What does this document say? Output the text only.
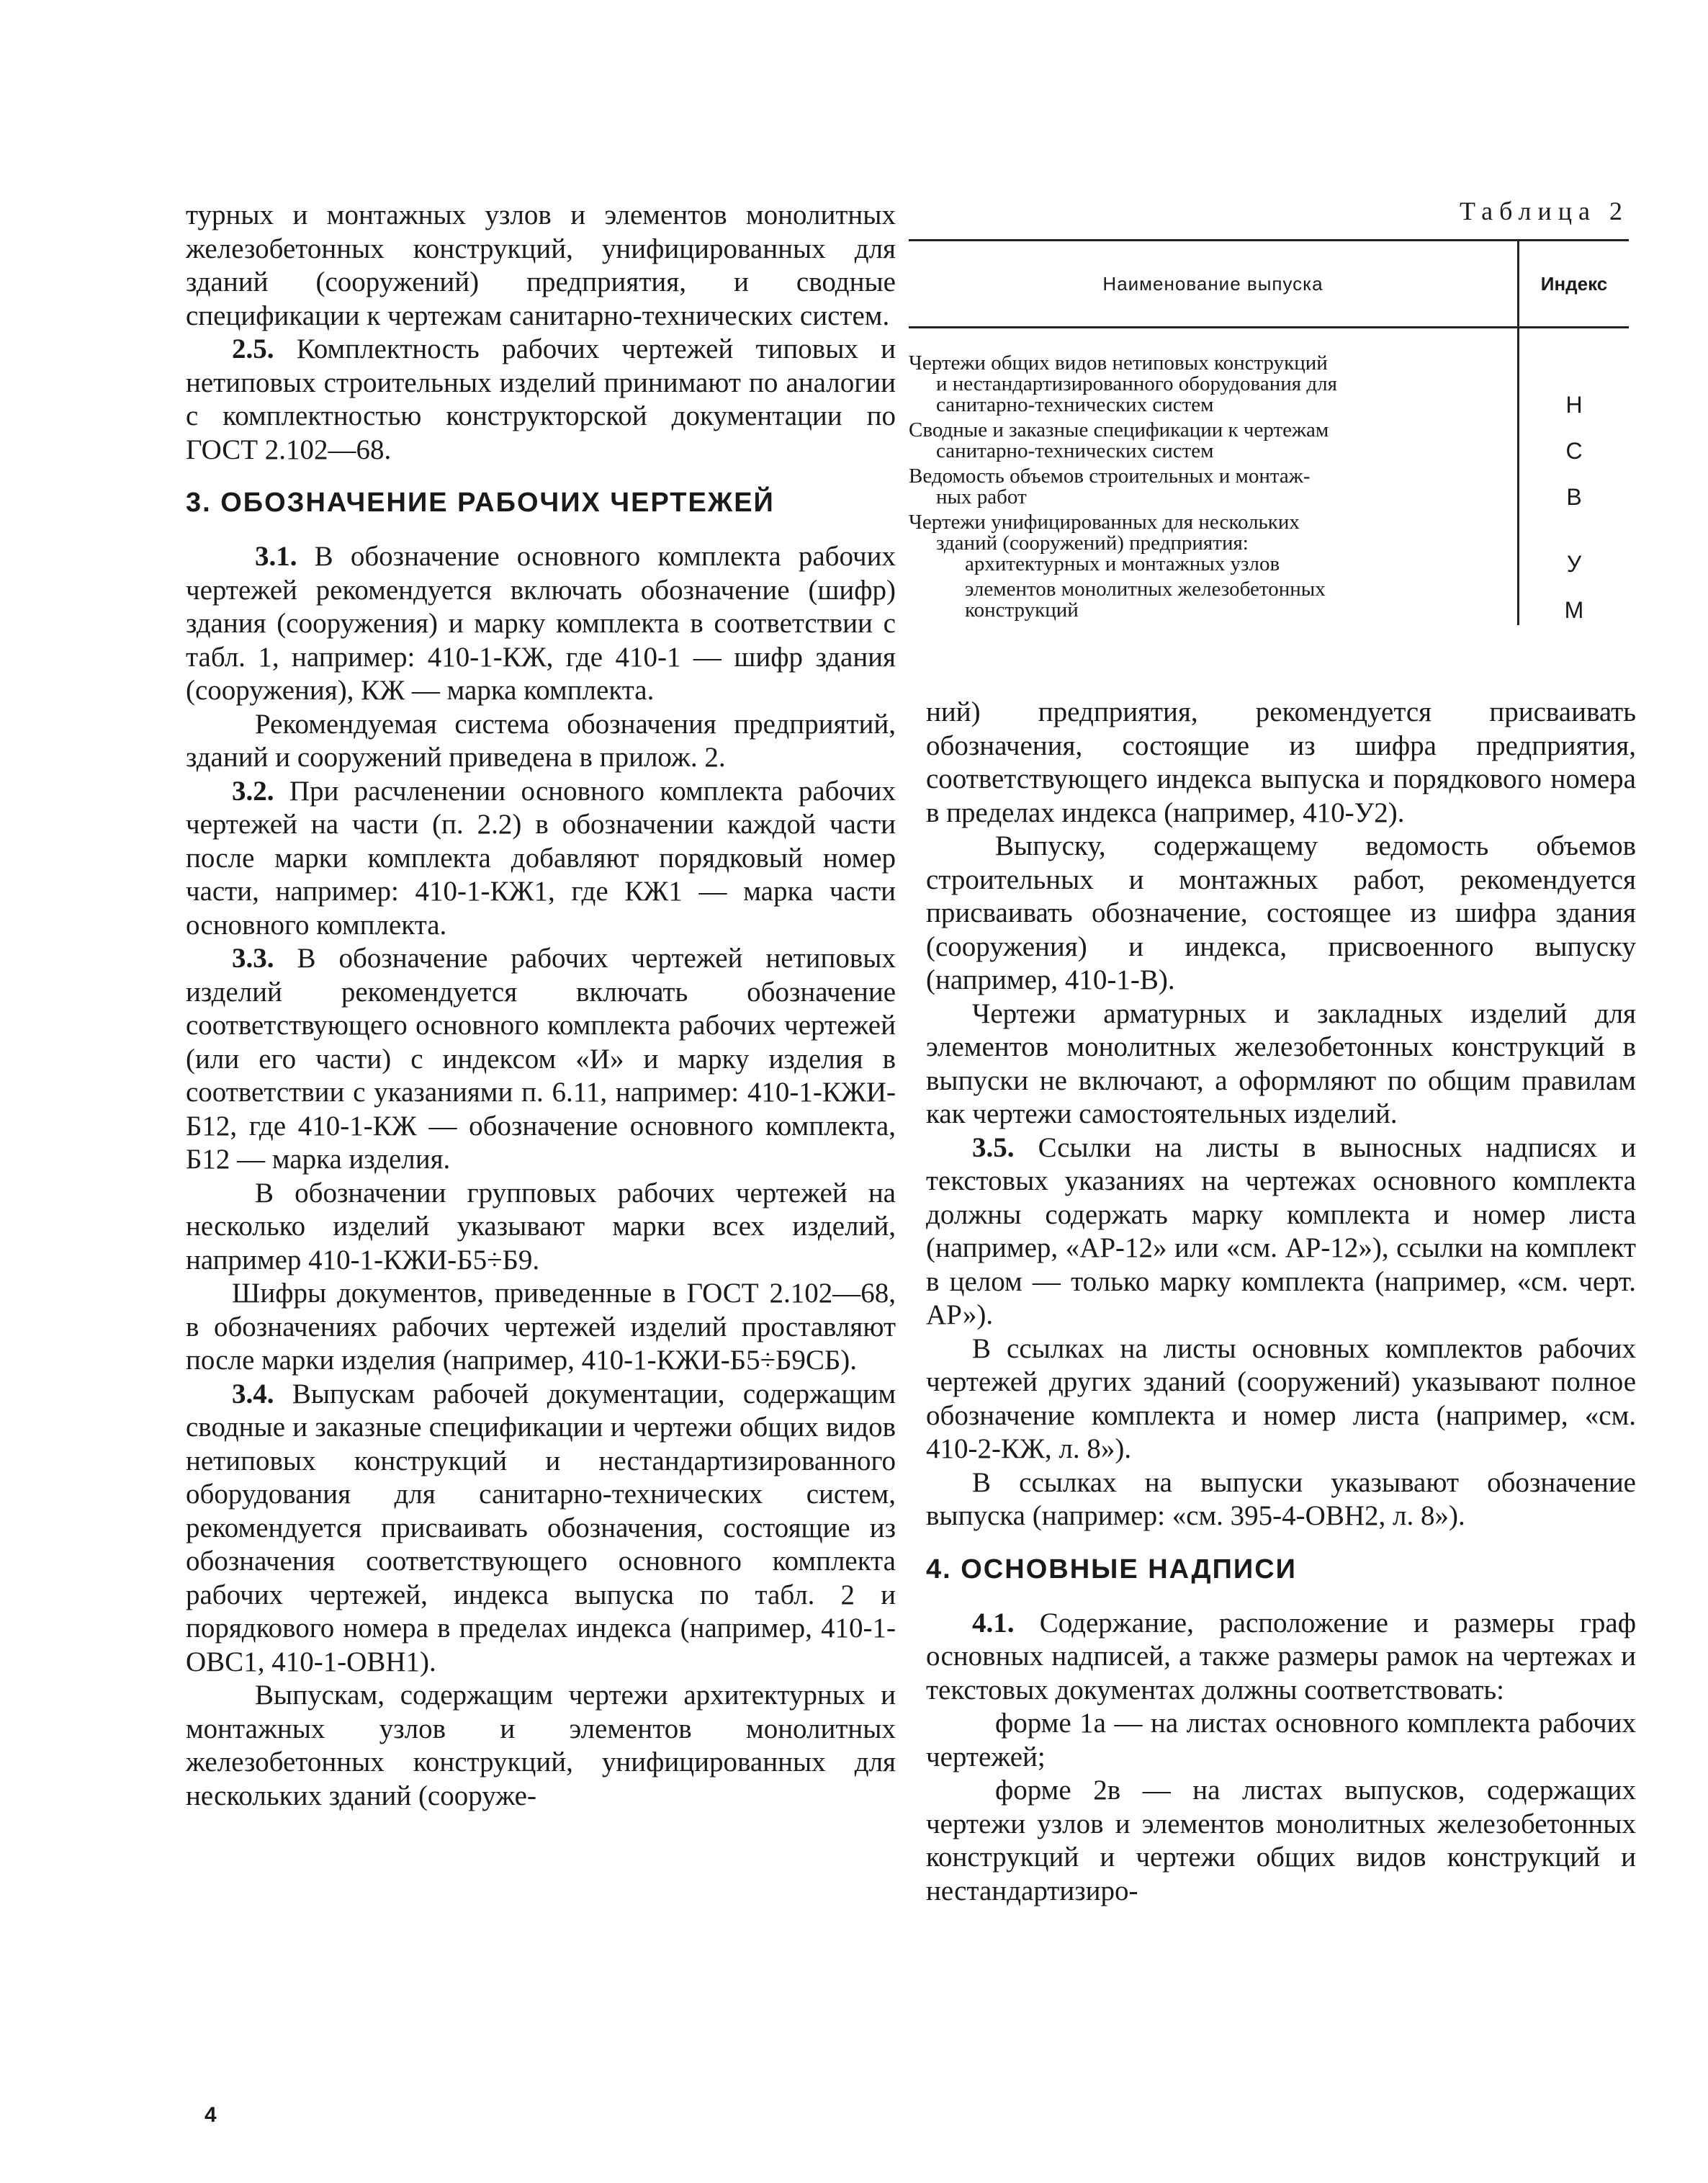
турных и монтажных узлов и элементов монолитных железобетонных конструкций, унифицированных для зданий (сооружений) предприятия, и сводные спецификации к чертежам санитарно-технических систем.

2.5. Комплектность рабочих чертежей типовых и нетиповых строительных изделий принимают по аналогии с комплектностью конструкторской документации по ГОСТ 2.102—68.

3. ОБОЗНАЧЕНИЕ РАБОЧИХ ЧЕРТЕЖЕЙ

3.1. В обозначение основного комплекта рабочих чертежей рекомендуется включать обозначение (шифр) здания (сооружения) и марку комплекта в соответствии с табл. 1, например: 410-1-КЖ, где 410-1 — шифр здания (сооружения), КЖ — марка комплекта.

Рекомендуемая система обозначения предприятий, зданий и сооружений приведена в прилож. 2.

3.2. При расчленении основного комплекта рабочих чертежей на части (п. 2.2) в обозначении каждой части после марки комплекта добавляют порядковый номер части, например: 410-1-КЖ1, где КЖ1 — марка части основного комплекта.

3.3. В обозначение рабочих чертежей нетиповых изделий рекомендуется включать обозначение соответствующего основного комплекта рабочих чертежей (или его части) с индексом «И» и марку изделия в соответствии с указаниями п. 6.11, например: 410-1-КЖИ-Б12, где 410-1-КЖ — обозначение основного комплекта, Б12 — марка изделия.

В обозначении групповых рабочих чертежей на несколько изделий указывают марки всех изделий, например 410-1-КЖИ-Б5÷Б9.

Шифры документов, приведенные в ГОСТ 2.102—68, в обозначениях рабочих чертежей изделий проставляют после марки изделия (например, 410-1-КЖИ-Б5÷Б9СБ).

3.4. Выпускам рабочей документации, содержащим сводные и заказные спецификации и чертежи общих видов нетиповых конструкций и нестандартизированного оборудования для санитарно-технических систем, рекомендуется присваивать обозначения, состоящие из обозначения соответствующего основного комплекта рабочих чертежей, индекса выпуска по табл. 2 и порядкового номера в пределах индекса (например, 410-1-ОВС1, 410-1-ОВН1).

Выпускам, содержащим чертежи архитектурных и монтажных узлов и элементов монолитных железобетонных конструкций, унифицированных для нескольких зданий (сооруже-

Таблица 2
Наименование выпуска	Индекс

Чертежи общих видов нетиповых конструкций
и нестандартизированного оборудования для
санитарно-технических систем	Н

Сводные и заказные спецификации к чертежам
санитарно-технических систем	С

Ведомость объемов строительных и монтаж-
ных работ	В

Чертежи унифицированных для нескольких
зданий (сооружений) предприятия:
архитектурных и монтажных узлов	У

элементов монолитных железобетонных
конструкций	М

ний) предприятия, рекомендуется присваивать обозначения, состоящие из шифра предприятия, соответствующего индекса выпуска и порядкового номера в пределах индекса (например, 410-У2).

Выпуску, содержащему ведомость объемов строительных и монтажных работ, рекомендуется присваивать обозначение, состоящее из шифра здания (сооружения) и индекса, присвоенного выпуску (например, 410-1-В).

Чертежи арматурных и закладных изделий для элементов монолитных железобетонных конструкций в выпуски не включают, а оформляют по общим правилам как чертежи самостоятельных изделий.

3.5. Ссылки на листы в выносных надписях и текстовых указаниях на чертежах основного комплекта должны содержать марку комплекта и номер листа (например, «АР-12» или «см. АР-12»), ссылки на комплект в целом — только марку комплекта (например, «см. черт. АР»).

В ссылках на листы основных комплектов рабочих чертежей других зданий (сооружений) указывают полное обозначение комплекта и номер листа (например, «см. 410-2-КЖ, л. 8»).

В ссылках на выпуски указывают обозначение выпуска (например: «см. 395-4-ОВН2, л. 8»).

4. ОСНОВНЫЕ НАДПИСИ

4.1. Содержание, расположение и размеры граф основных надписей, а также размеры рамок на чертежах и текстовых документах должны соответствовать:

форме 1а — на листах основного комплекта рабочих чертежей;

форме 2в — на листах выпусков, содержащих чертежи узлов и элементов монолитных железобетонных конструкций и чертежи общих видов конструкций и нестандартизиро-

4
